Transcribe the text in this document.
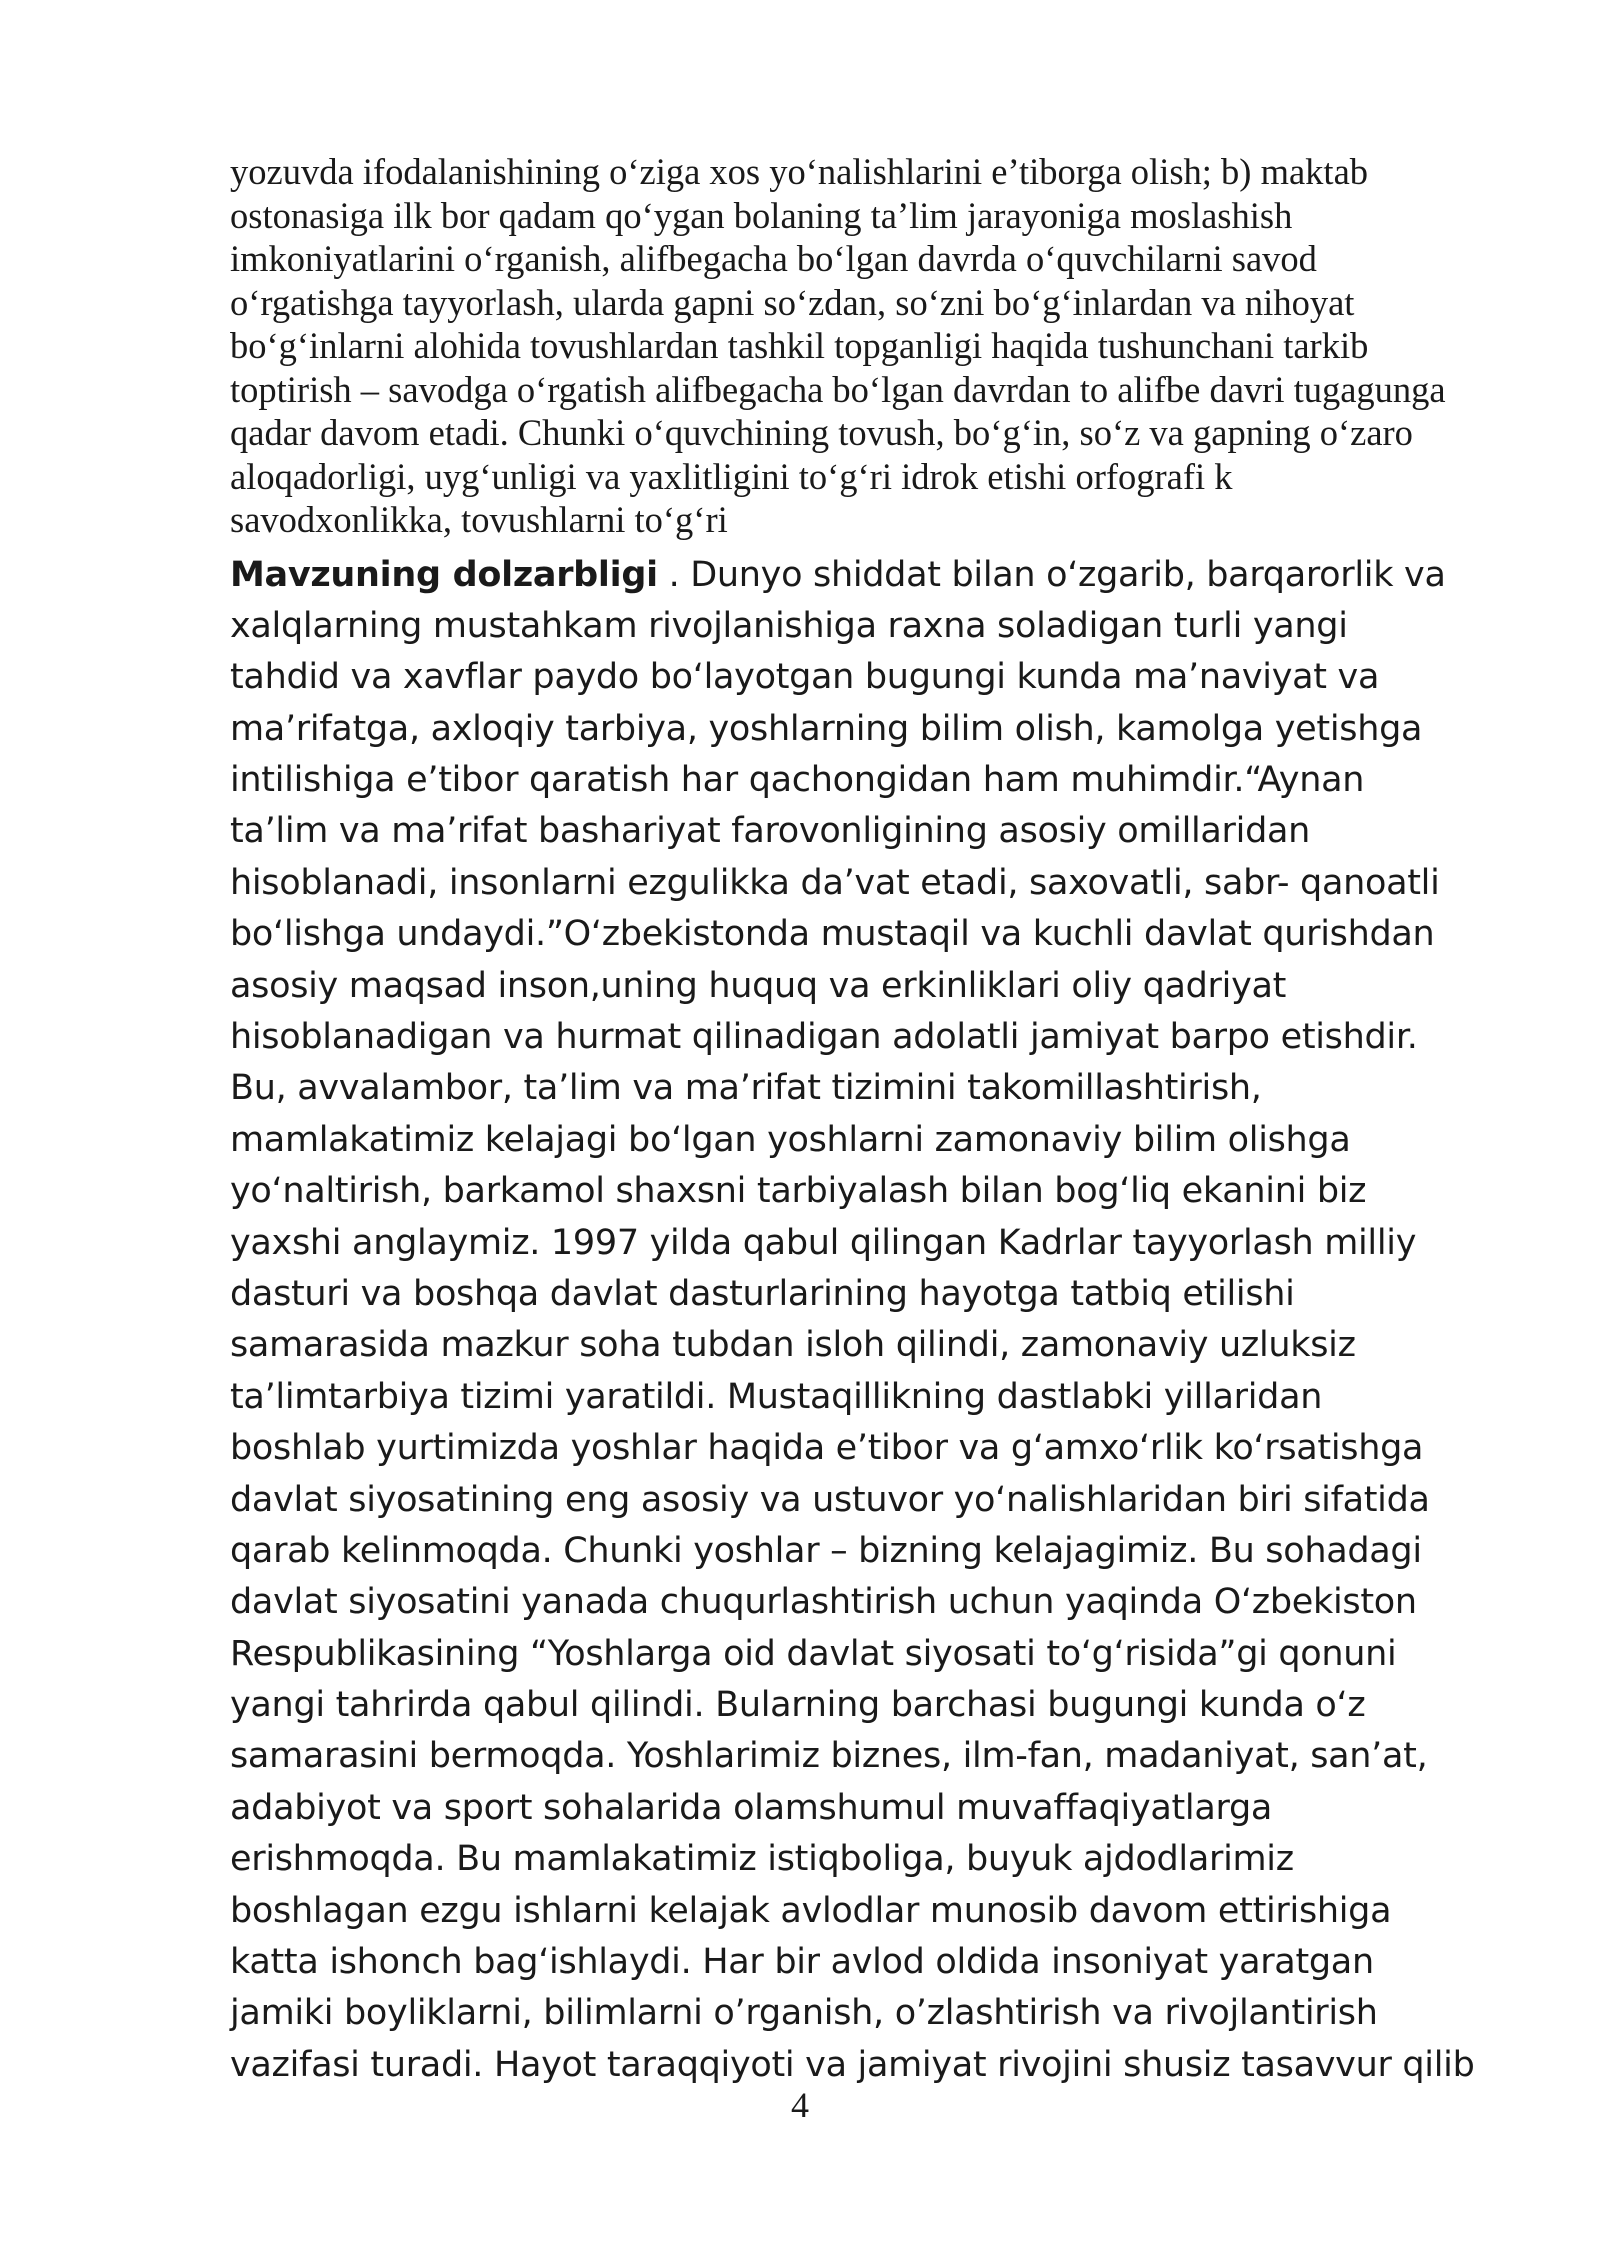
yozuvda ifodalanishining o‘ziga xos yo‘nalishlarini e’tiborga olish; b) maktab
ostonasiga ilk bor qadam qo‘ygan bolaning ta’lim jarayoniga moslashish
imkoniyatlarini o‘rganish, alifbegacha bo‘lgan davrda o‘quvchilarni savod
o‘rgatishga tayyorlash, ularda gapni so‘zdan, so‘zni bo‘g‘inlardan va nihoyat
bo‘g‘inlarni alohida tovushlardan tashkil topganligi haqida tushunchani tarkib
toptirish – savodga o‘rgatish alifbegacha bo‘lgan davrdan to alifbe davri tugagunga
qadar davom etadi. Chunki o‘quvchining tovush, bo‘g‘in, so‘z va gapning o‘zaro
aloqadorligi, uyg‘unligi va yaxlitligini to‘g‘ri idrok etishi orfografi k
savodxonlikka, tovushlarni to‘g‘ri
Mavzuning dolzarbligi . Dunyo shiddat bilan o‘zgarib, barqarorlik va
xalqlarning mustahkam rivojlanishiga raxna soladigan turli yangi
tahdid va xavflar paydo bo‘layotgan bugungi kunda ma’naviyat va
ma’rifatga, axloqiy tarbiya, yoshlarning bilim olish, kamolga yetishga
intilishiga e’tibor qaratish har qachongidan ham muhimdir.“Aynan
ta’lim va ma’rifat bashariyat farovonligining asosiy omillaridan
hisoblanadi, insonlarni ezgulikka da’vat etadi, saxovatli, sabr- qanoatli
bo‘lishga undaydi.”O‘zbekistonda mustaqil va kuchli davlat qurishdan
asosiy maqsad inson,uning huquq va erkinliklari oliy qadriyat
hisoblanadigan va hurmat qilinadigan adolatli jamiyat barpo etishdir.
Bu, avvalambor, ta’lim va ma’rifat tizimini takomillashtirish,
mamlakatimiz kelajagi bo‘lgan yoshlarni zamonaviy bilim olishga
yo‘naltirish, barkamol shaxsni tarbiyalash bilan bog‘liq ekanini biz
yaxshi anglaymiz. 1997 yilda qabul qilingan Kadrlar tayyorlash milliy
dasturi va boshqa davlat dasturlarining hayotga tatbiq etilishi
samarasida mazkur soha tubdan isloh qilindi, zamonaviy uzluksiz
ta’limtarbiya tizimi yaratildi. Mustaqillikning dastlabki yillaridan
boshlab yurtimizda yoshlar haqida e’tibor va g‘amxo‘rlik ko‘rsatishga
davlat siyosatining eng asosiy va ustuvor yo‘nalishlaridan biri sifatida
qarab kelinmoqda. Chunki yoshlar – bizning kelajagimiz. Bu sohadagi
davlat siyosatini yanada chuqurlashtirish uchun yaqinda O‘zbekiston
Respublikasining “Yoshlarga oid davlat siyosati to‘g‘risida”gi qonuni
yangi tahrirda qabul qilindi. Bularning barchasi bugungi kunda o‘z
samarasini bermoqda. Yoshlarimiz biznes, ilm-fan, madaniyat, san’at,
adabiyot va sport sohalarida olamshumul muvaffaqiyatlarga
erishmoqda. Bu mamlakatimiz istiqboliga, buyuk ajdodlarimiz
boshlagan ezgu ishlarni kelajak avlodlar munosib davom ettirishiga
katta ishonch bag‘ishlaydi. Har bir avlod oldida insoniyat yaratgan
jamiki boyliklarni, bilimlarni o’rganish, o’zlashtirish va rivojlantirish
vazifasi turadi. Hayot taraqqiyoti va jamiyat rivojini shusiz tasavvur qilib
4
